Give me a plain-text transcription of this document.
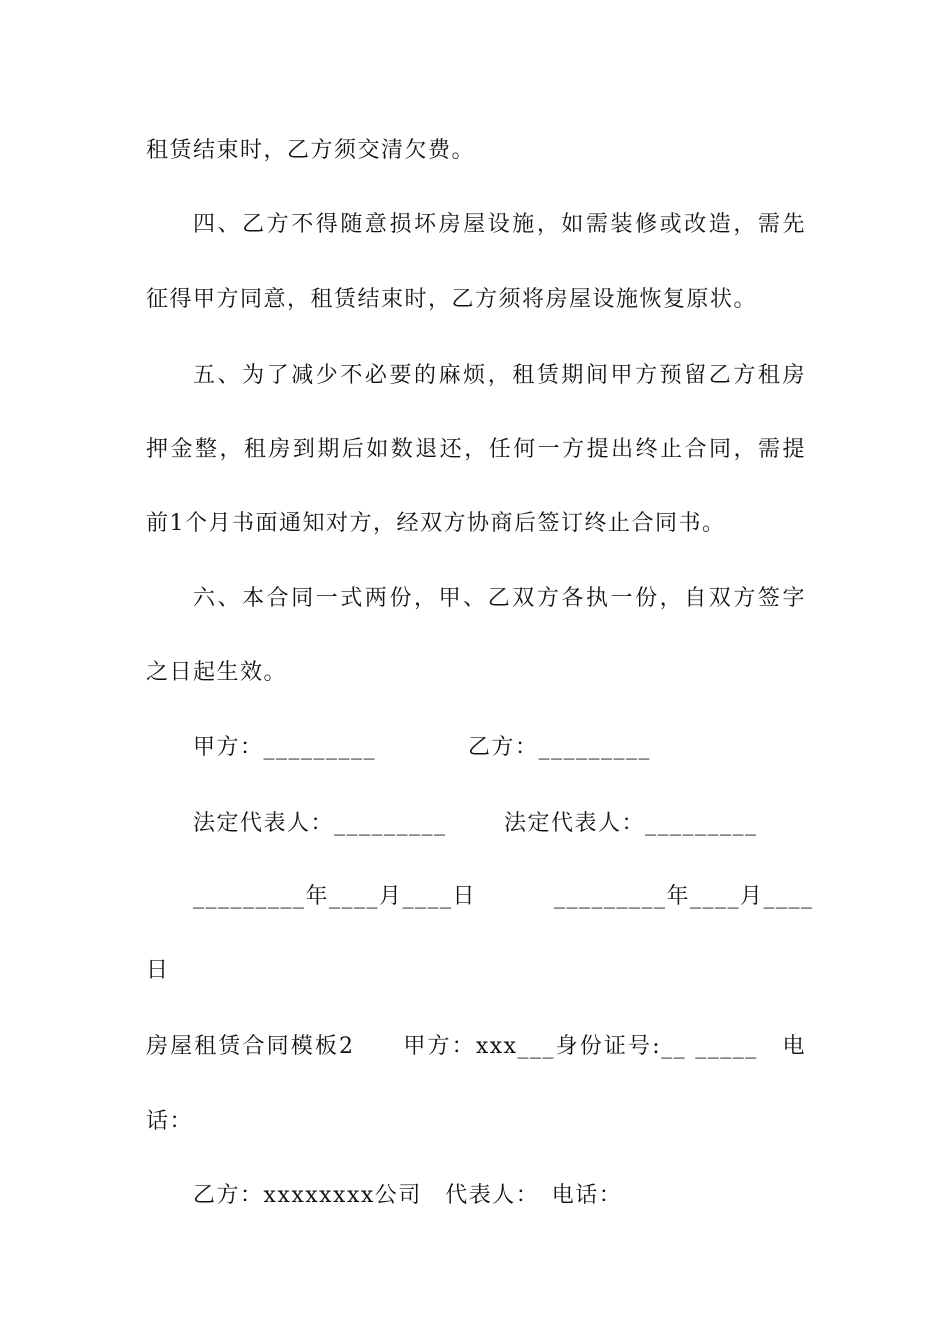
租赁结束时，乙方须交清欠费。
四、乙方不得随意损坏房屋设施，如需装修或改造，需先
征得甲方同意，租赁结束时，乙方须将房屋设施恢复原状。
五、为了减少不必要的麻烦，租赁期间甲方预留乙方租房
押金整，租房到期后如数退还，任何一方提出终止合同，需提
前1个月书面通知对方，经双方协商后签订终止合同书。
六、本合同一式两份，甲、乙双方各执一份，自双方签字
之日起生效。

甲方：_________

	乙方：_________

法定代表人：_________

	法定代表人：_________

_________年____月____日

	_________年____月____

日
房屋租赁合同模板2　　甲方：xxx___身份证号:__ _____　电
话：
乙方：xxxxxxxx公司　代表人：　电话：
